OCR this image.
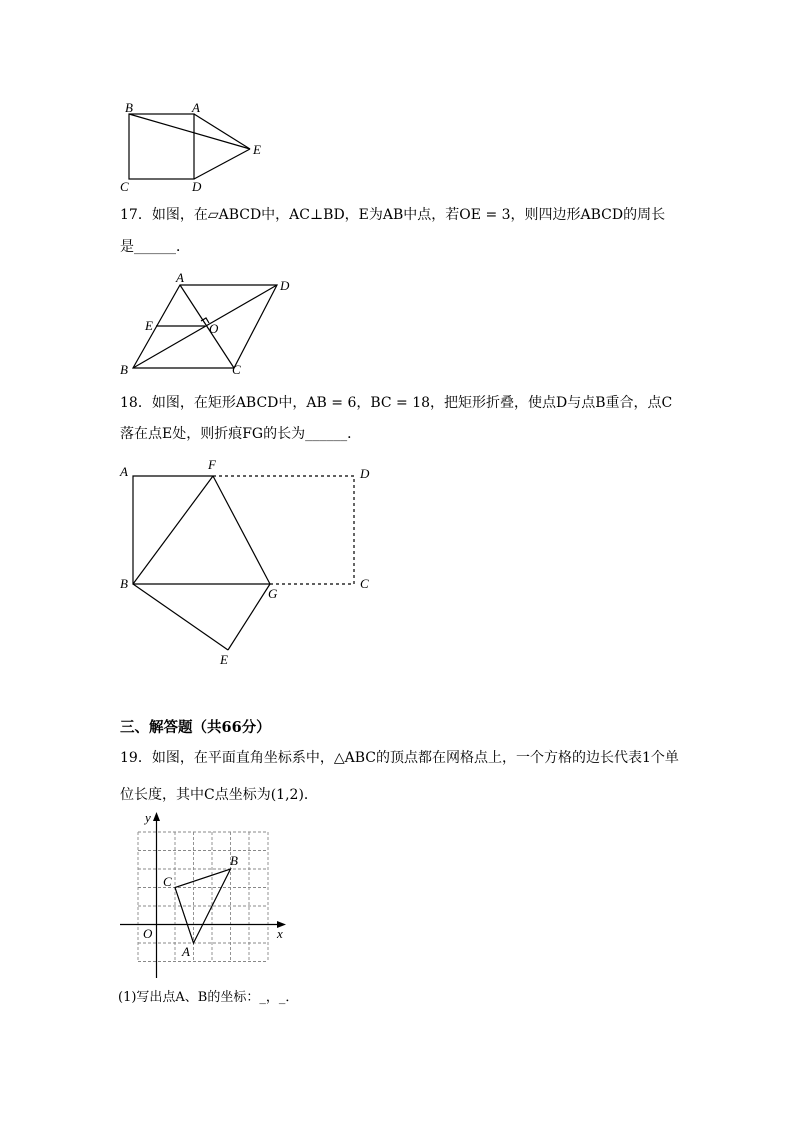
B	A
E
C	D
17．如图，在▱ABCD中，AC⊥BD，E为AB中点，若OE = 3，则四边形ABCD的周长
是______．
A
D
E	O
B	C
18．如图，在矩形ABCD中，AB = 6，BC = 18，把矩形折叠，使点D与点B重合，点C
落在点E处，则折痕FG的长为______．
A	F
D
B
G
C
E
三、解答题（共66分）
19．如图，在平面直角坐标系中，△ABC的顶点都在网格点上，一个方格的边长代表1个单
位长度，其中C点坐标为(1,2)．
y
x
O
A
B
C
(1)写出点A、B的坐标：_，_．
